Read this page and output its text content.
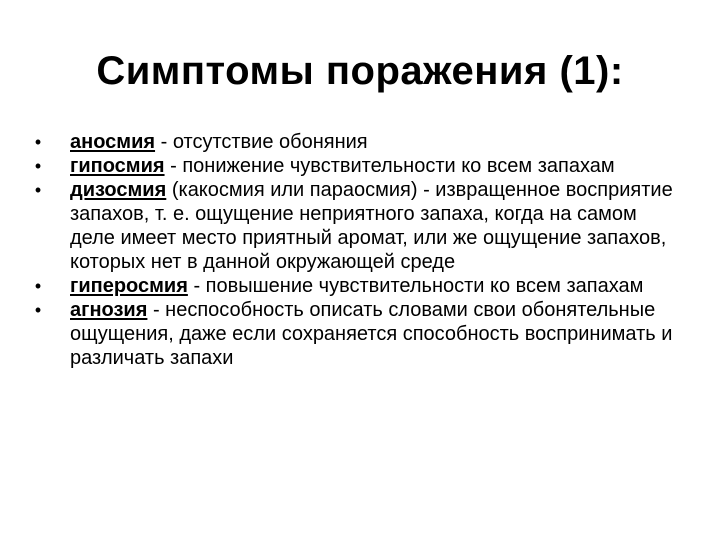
Симптомы поражения (1):
•	аносмия - отсутствие обоняния
•	гипосмия - понижение чувствительности ко всем запахам
•	дизосмия (какосмия или параосмия) - извращенное восприятие запахов, т. е. ощущение неприятного запаха, когда на самом деле имеет место приятный аромат, или же ощущение запахов, которых нет в данной окружающей среде
•	гиперосмия - повышение чувствительности ко всем запахам
•	агнозия - неспособность описать словами свои обонятельные ощущения, даже если сохраняется способность воспринимать и различать запахи
